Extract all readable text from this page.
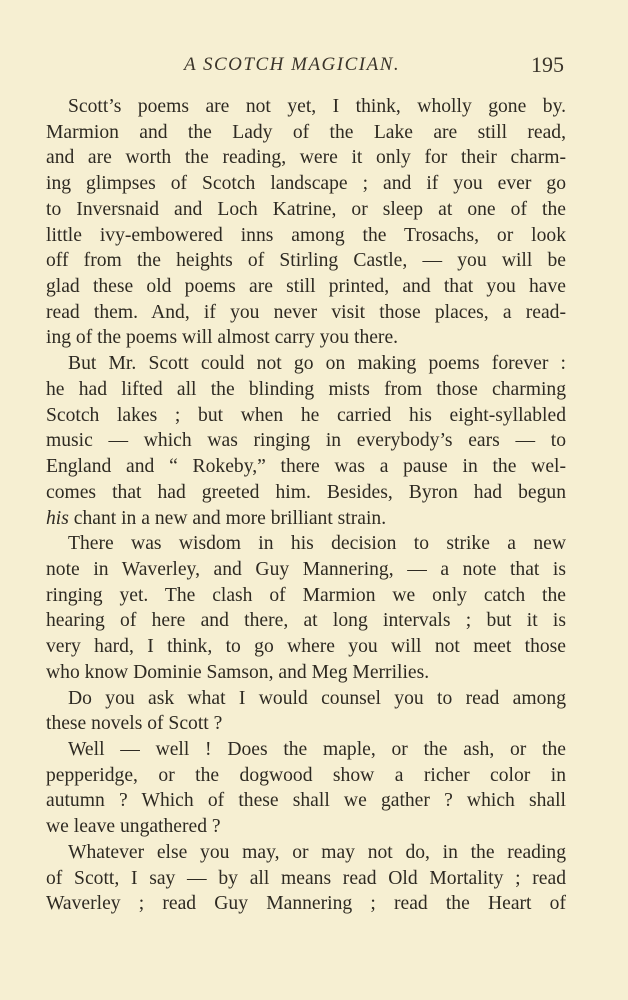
A SCOTCH MAGICIAN.	195
Scott’s poems are not yet, I think, wholly gone by.
Marmion and the Lady of the Lake are still read,
and are worth the reading, were it only for their charm-
ing glimpses of Scotch landscape ; and if you ever go
to Inversnaid and Loch Katrine, or sleep at one of the
little ivy-embowered inns among the Trosachs, or look
off from the heights of Stirling Castle, — you will be
glad these old poems are still printed, and that you have
read them. And, if you never visit those places, a read-
ing of the poems will almost carry you there.
But Mr. Scott could not go on making poems forever :
he had lifted all the blinding mists from those charming
Scotch lakes ; but when he carried his eight-syllabled
music — which was ringing in everybody’s ears — to
England and “ Rokeby,” there was a pause in the wel-
comes that had greeted him. Besides, Byron had begun
his chant in a new and more brilliant strain.
There was wisdom in his decision to strike a new
note in Waverley, and Guy Mannering, — a note that is
ringing yet. The clash of Marmion we only catch the
hearing of here and there, at long intervals ; but it is
very hard, I think, to go where you will not meet those
who know Dominie Samson, and Meg Merrilies.
Do you ask what I would counsel you to read among
these novels of Scott ?
Well — well ! Does the maple, or the ash, or the
pepperidge, or the dogwood show a richer color in
autumn ? Which of these shall we gather ? which shall
we leave ungathered ?
Whatever else you may, or may not do, in the reading
of Scott, I say — by all means read Old Mortality ; read
Waverley ; read Guy Mannering ; read the Heart of
